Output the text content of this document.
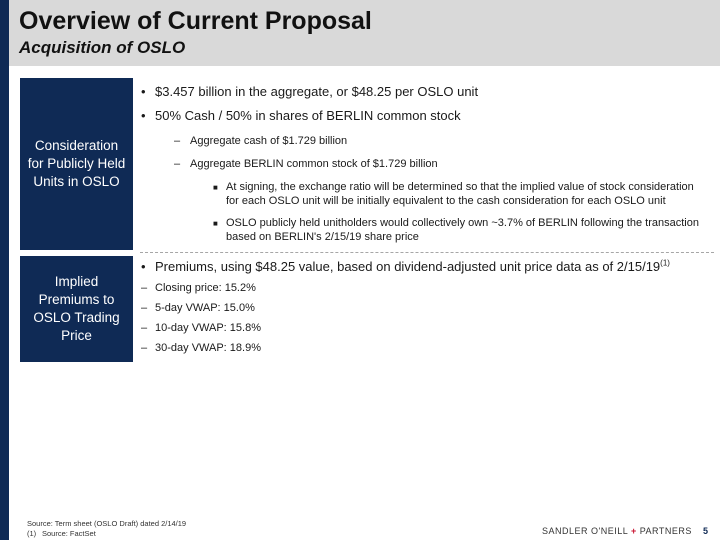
Overview of Current Proposal
Acquisition of OSLO
Consideration for Publicly Held Units in OSLO
• $3.457 billion in the aggregate, or $48.25 per OSLO unit
• 50% Cash / 50% in shares of BERLIN common stock
– Aggregate cash of $1.729 billion
– Aggregate BERLIN common stock of $1.729 billion
■ At signing, the exchange ratio will be determined so that the implied value of stock consideration for each OSLO unit will be initially equivalent to the cash consideration for each OSLO unit
■ OSLO publicly held unitholders would collectively own ~3.7% of BERLIN following the transaction based on BERLIN's 2/15/19 share price
Implied Premiums to OSLO Trading Price
• Premiums, using $48.25 value, based on dividend-adjusted unit price data as of 2/15/19$^{(1)}$
– Closing price: 15.2%
– 5-day VWAP: 15.0%
– 10-day VWAP: 15.8%
– 30-day VWAP: 18.9%
Source: Term sheet (OSLO Draft) dated 2/14/19
(1) Source: FactSet	SANDLER O'NEILL + PARTNERS 5
